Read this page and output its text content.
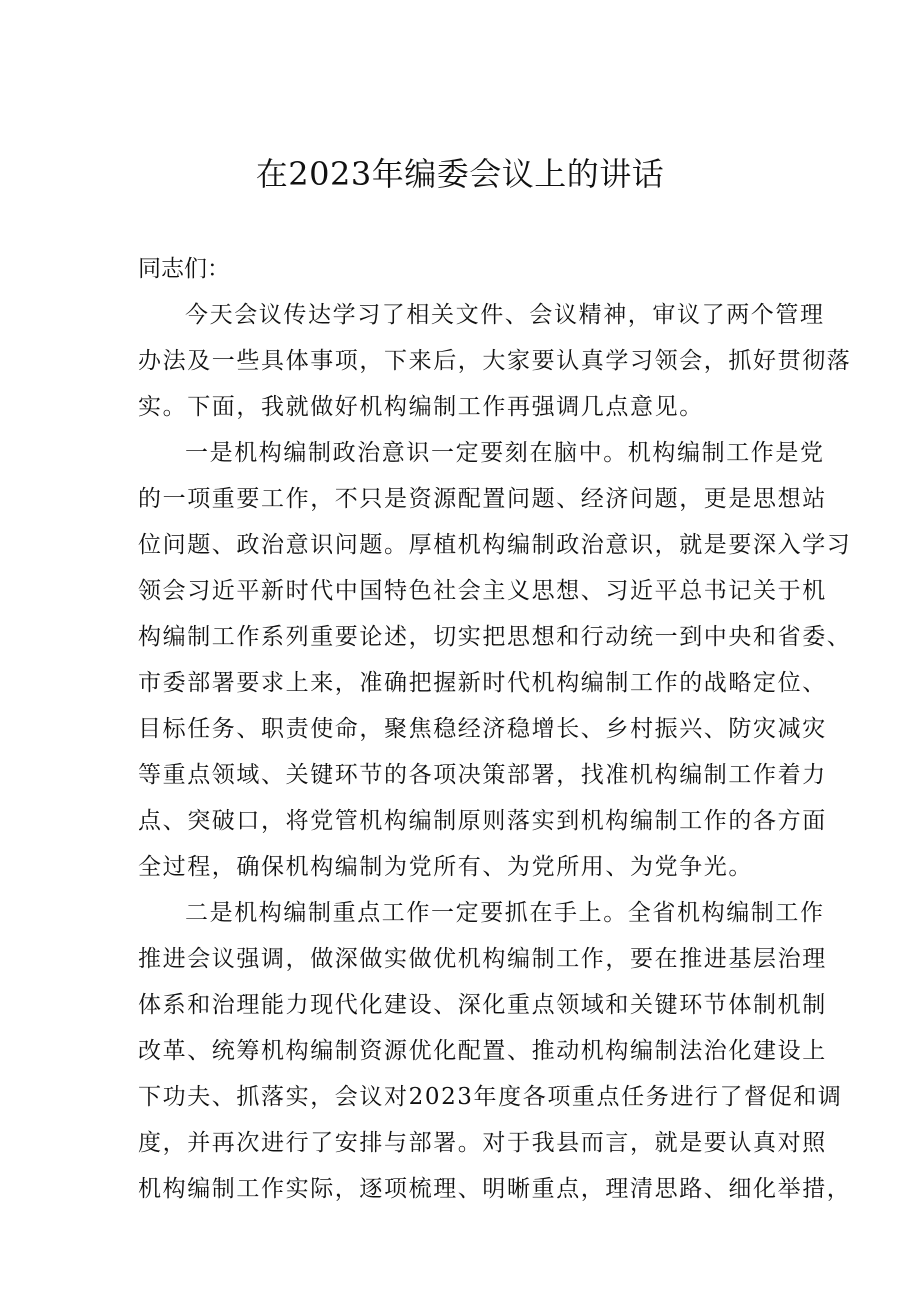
在2023年编委会议上的讲话

同志们：

今天会议传达学习了相关文件、会议精神，审议了两个管理
办法及一些具体事项，下来后，大家要认真学习领会，抓好贯彻落
实。下面，我就做好机构编制工作再强调几点意见。

一是机构编制政治意识一定要刻在脑中。机构编制工作是党
的一项重要工作，不只是资源配置问题、经济问题，更是思想站
位问题、政治意识问题。厚植机构编制政治意识，就是要深入学习
领会习近平新时代中国特色社会主义思想、习近平总书记关于机
构编制工作系列重要论述，切实把思想和行动统一到中央和省委、
市委部署要求上来，准确把握新时代机构编制工作的战略定位、
目标任务、职责使命，聚焦稳经济稳增长、乡村振兴、防灾减灾
等重点领域、关键环节的各项决策部署，找准机构编制工作着力
点、突破口，将党管机构编制原则落实到机构编制工作的各方面
全过程，确保机构编制为党所有、为党所用、为党争光。

二是机构编制重点工作一定要抓在手上。全省机构编制工作
推进会议强调，做深做实做优机构编制工作，要在推进基层治理
体系和治理能力现代化建设、深化重点领域和关键环节体制机制
改革、统筹机构编制资源优化配置、推动机构编制法治化建设上
下功夫、抓落实，会议对2023年度各项重点任务进行了督促和调
度，并再次进行了安排与部署。对于我县而言，就是要认真对照
机构编制工作实际，逐项梳理、明晰重点，理清思路、细化举措，
